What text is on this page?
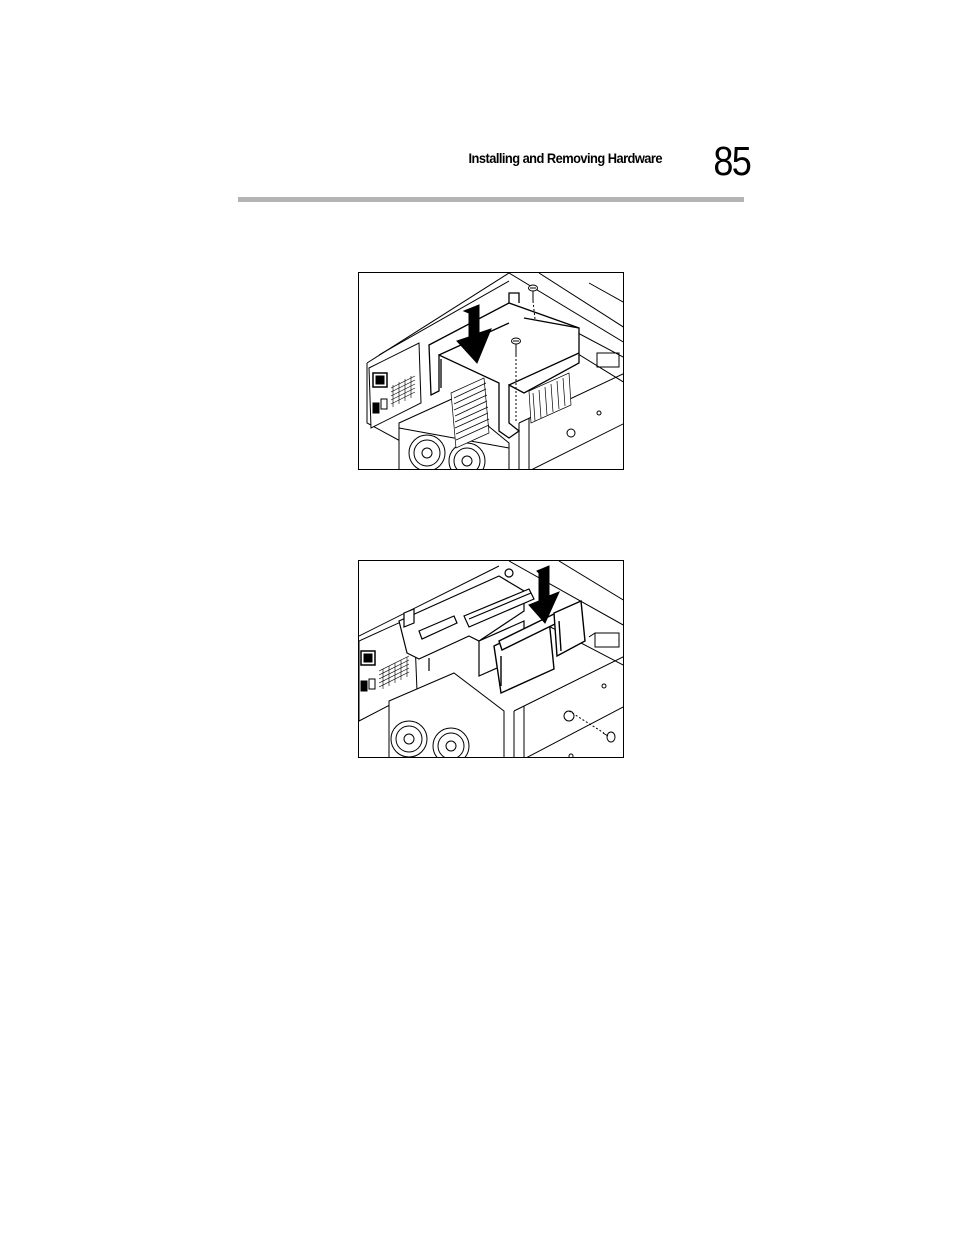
Installing and Removing Hardware	85
